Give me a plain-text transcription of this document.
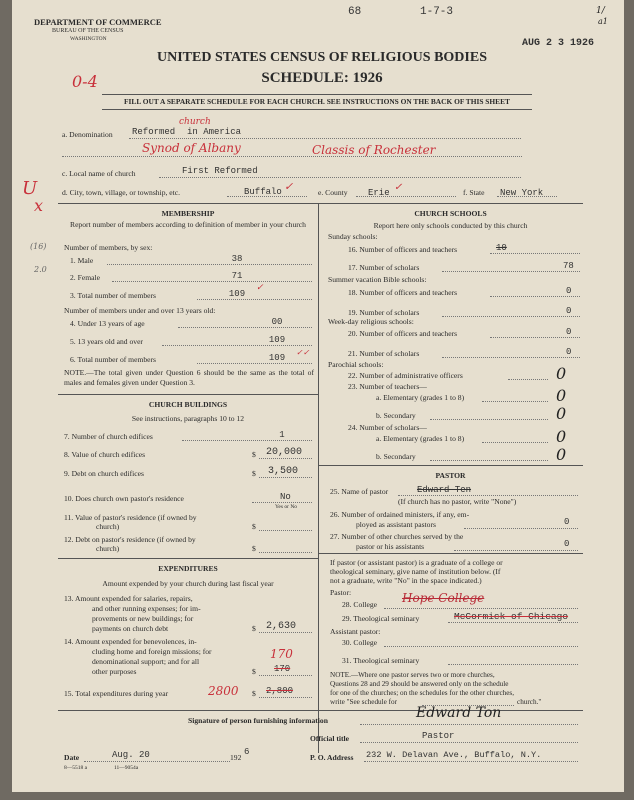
DEPARTMENT OF COMMERCE
BUREAU OF THE CENSUS
WASHINGTON
68	1-7-3	1/
a1
AUG 2 3 1926
UNITED STATES CENSUS OF RELIGIOUS BODIES
SCHEDULE: 1926
0-4
FILL OUT A SEPARATE SCHEDULE FOR EACH CHURCH. SEE INSTRUCTIONS ON THE BACK OF THIS SHEET
U
x
(16)
2.0
a. Denomination Reformed
church
in America
Synod of Albany	Classis of Rochester
c. Local name of church	First Reformed
d. City, town, village, or township, etc.	Buffalo ✓	e. County Erie ✓	f. State New York
MEMBERSHIP
Report number of members according to definition of member in your church
Number of members, by sex:
1. Male	38
2. Female	71
3. Total number of members	109
✓
Number of members under and over 13 years old:
4. Under 13 years of age	00
5. 13 years old and over	109
6. Total number of members	109
✓✓
NOTE.—The total given under Question 6 should be the same as the total of males and females given under Question 3.
CHURCH BUILDINGS
See instructions, paragraphs 10 to 12
7. Number of church edifices	1
8. Value of church edifices	$ 20,000
9. Debt on church edifices	$ 3,500
10. Does church own pastor's residence	No
Yes or No
11. Value of pastor's residence (if owned by
church)	$
12. Debt on pastor's residence (if owned by
church)	$
EXPENDITURES
Amount expended by your church during last fiscal year
13. Amount expended for salaries, repairs,
and other running expenses; for im-
provements or new buildings; for
payments on church debt	$ 2,630
14. Amount expended for benevolences, in-
cluding home and foreign missions; for
denominational support; and for all
other purposes
170
$ 170
15. Total expenditures during year	2800 $ 2,800
CHURCH SCHOOLS
Report here only schools conducted by this church
Sunday schools:
16. Number of officers and teachers	10
17. Number of scholars	78
Summer vacation Bible schools:
18. Number of officers and teachers	0
19. Number of scholars	0
Week-day religious schools:
20. Number of officers and teachers	0
21. Number of scholars	0
Parochial schools:
22. Number of administrative officers	0
23. Number of teachers—
a. Elementary (grades 1 to 8)	0
b. Secondary	0
24. Number of scholars—
a. Elementary (grades 1 to 8)	0
b. Secondary	0
PASTOR
25. Name of pastor	Edward Ten
(If church has no pastor, write "None")
26. Number of ordained ministers, if any, em-
ployed as assistant pastors	0
27. Number of other churches served by the
pastor or his assistants	0
If pastor (or assistant pastor) is a graduate of a college or
theological seminary, give name of institution below. (If
not a graduate, write "No" in the space indicated.)
Pastor:
28. College Hope College
29. Theological seminary	McCormick of Chicago
Assistant pastor:
30. College
31. Theological seminary
NOTE.—Where one pastor serves two or more churches,
Questions 28 and 29 should be answered only on the schedule
for one of the churches; on the schedules for the other churches,
write "See schedule for	church."
Signature of person furnishing information	Edward Ton
Official title	Pastor
Date	Aug. 20	192
6
P. O. Address 232 W. Delavan Ave., Buffalo, N.Y.
8—5518 a	11—9054a
